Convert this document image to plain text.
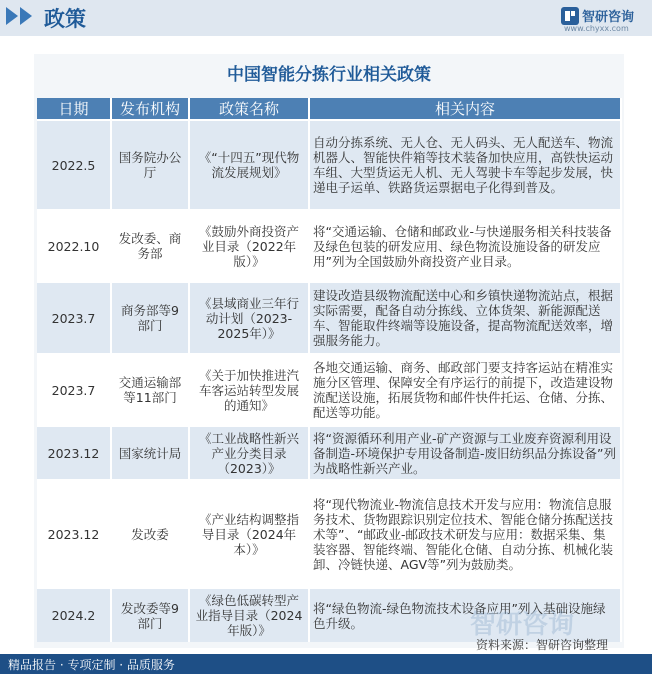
政策	智研咨询
www.chyxx.com
中国智能分拣行业相关政策
日期	发布机构	政策名称	相关内容
2022.5	国务院办公厅	《“十四五”现代物流发展规划》	自动分拣系统、无人仓、无人码头、无人配送车、物流机器人、智能快件箱等技术装备加快应用，高铁快运动车组、大型货运无人机、无人驾驶卡车等起步发展，快递电子运单、铁路货运票据电子化得到普及。
2022.10	发改委、商务部	《鼓励外商投资产业目录（2022年版）》	将“交通运输、仓储和邮政业-与快递服务相关科技装备及绿色包装的研发应用、绿色物流设施设备的研发应用”列为全国鼓励外商投资产业目录。
2023.7	商务部等9部门	《县域商业三年行动计划（2023-2025年）》	建设改造县级物流配送中心和乡镇快递物流站点，根据实际需要，配备自动分拣线、立体货架、新能源配送车、智能取件终端等设施设备，提高物流配送效率，增强服务能力。
2023.7	交通运输部等11部门	《关于加快推进汽车客运站转型发展的通知》	各地交通运输、商务、邮政部门要支持客运站在精准实施分区管理、保障安全有序运行的前提下，改造建设物流配送设施，拓展货物和邮件快件托运、仓储、分拣、配送等功能。
2023.12	国家统计局	《工业战略性新兴产业分类目录（2023）》	将“资源循环利用产业-矿产资源与工业废弃资源利用设备制造-环境保护专用设备制造-废旧纺织品分拣设备”列为战略性新兴产业。
2023.12	发改委	《产业结构调整指导目录（2024年本）》	将“现代物流业-物流信息技术开发与应用：物流信息服务技术、货物跟踪识别定位技术、智能仓储分拣配送技术等”、“邮政业-邮政技术研发与应用：数据采集、集装容器、智能终端、智能化仓储、自动分拣、机械化装卸、冷链快递、AGV等”列为鼓励类。
2024.2	发改委等9部门	《绿色低碳转型产业指导目录（2024年版）》	将“绿色物流-绿色物流技术设备应用”列入基础设施绿色升级。	智研咨询
资料来源：智研咨询整理
精品报告 · 专项定制 · 品质服务
